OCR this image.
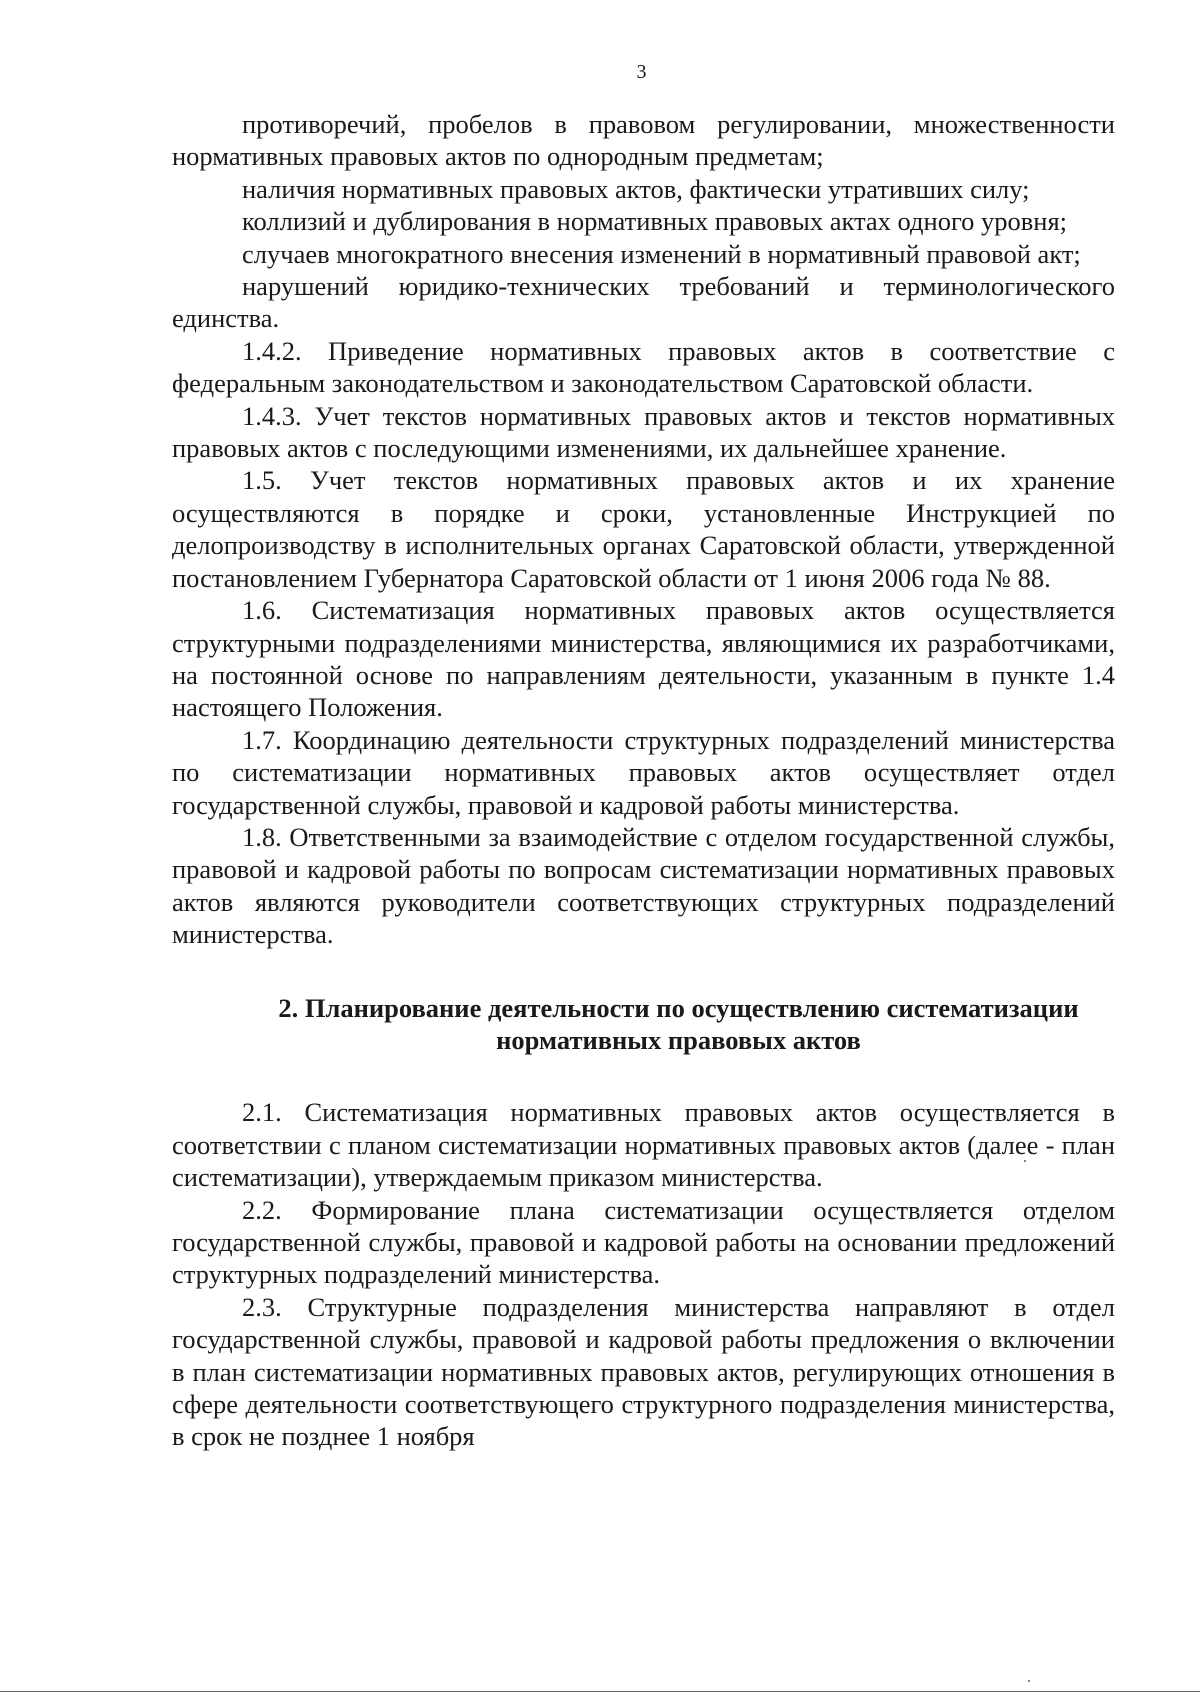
3

противоречий, пробелов в правовом регулировании, множественности нормативных правовых актов по однородным предметам;

наличия нормативных правовых актов, фактически утративших силу;

коллизий и дублирования в нормативных правовых актах одного уровня;

случаев многократного внесения изменений в нормативный правовой акт;

нарушений юридико-технических требований и терминологического единства.

1.4.2. Приведение нормативных правовых актов в соответствие с федеральным законодательством и законодательством Саратовской области.

1.4.3. Учет текстов нормативных правовых актов и текстов нормативных правовых актов с последующими изменениями, их дальнейшее хранение.

1.5. Учет текстов нормативных правовых актов и их хранение осуществляются в порядке и сроки, установленные Инструкцией по делопроизводству в исполнительных органах Саратовской области, утвержденной постановлением Губернатора Саратовской области от 1 июня 2006 года № 88.

1.6. Систематизация нормативных правовых актов осуществляется структурными подразделениями министерства, являющимися их разработчиками, на постоянной основе по направлениям деятельности, указанным в пункте 1.4 настоящего Положения.

1.7. Координацию деятельности структурных подразделений министерства по систематизации нормативных правовых актов осуществляет отдел государственной службы, правовой и кадровой работы министерства.

1.8. Ответственными за взаимодействие с отделом государственной службы, правовой и кадровой работы по вопросам систематизации нормативных правовых актов являются руководители соответствующих структурных подразделений министерства.

2. Планирование деятельности по осуществлению систематизации
нормативных правовых актов

2.1. Систематизация нормативных правовых актов осуществляется в соответствии с планом систематизации нормативных правовых актов (далее - план систематизации), утверждаемым приказом министерства.

2.2. Формирование плана систематизации осуществляется отделом государственной службы, правовой и кадровой работы на основании предложений структурных подразделений министерства.

2.3. Структурные подразделения министерства направляют в отдел государственной службы, правовой и кадровой работы предложения о включении в план систематизации нормативных правовых актов, регулирующих отношения в сфере деятельности соответствующего структурного подразделения министерства, в срок не позднее 1 ноября
